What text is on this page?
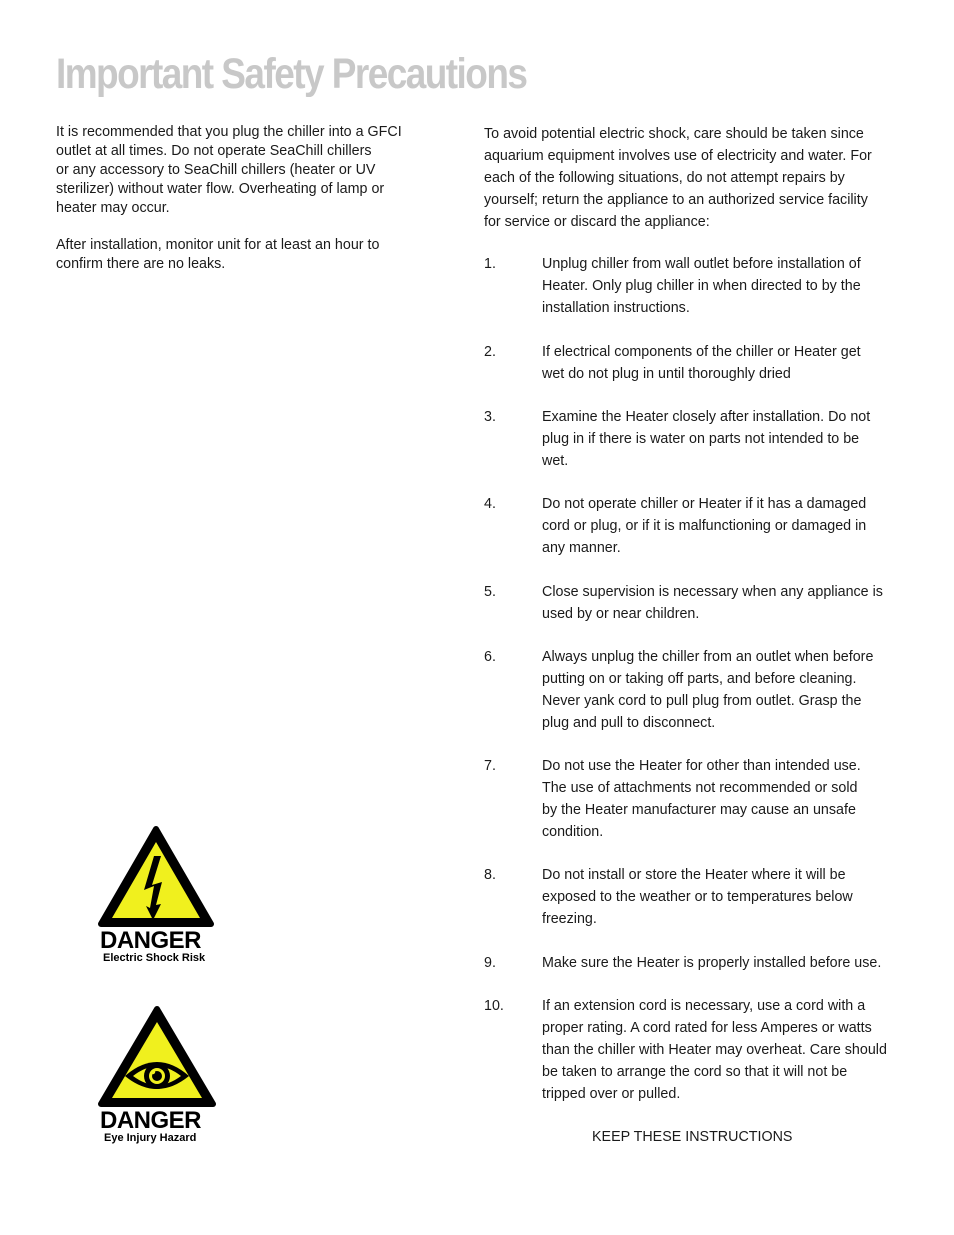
Important Safety Precautions

It is recommended that you plug the chiller into a GFCI
outlet at all times. Do not operate SeaChill chillers
or any accessory to SeaChill chillers (heater or UV
sterilizer) without water flow. Overheating of lamp or
heater may occur.

After installation, monitor unit for at least an hour to
confirm there are no leaks.

To avoid potential electric shock, care should be taken since
aquarium equipment involves use of electricity and water. For
each of the following situations, do not attempt repairs by
yourself; return the appliance to an authorized service facility
for service or discard the appliance:
1.	Unplug chiller from wall outlet before installation of
Heater. Only plug chiller in when directed to by the
installation instructions.
2.	If electrical components of the chiller or Heater get
wet do not plug in until thoroughly dried
3.	Examine the Heater closely after installation. Do not
plug in if there is water on parts not intended to be
wet.
4.	Do not operate chiller or Heater if it has a damaged
cord or plug, or if it is malfunctioning or damaged in
any manner.
5.	Close supervision is necessary when any appliance is
used by or near children.
6.	Always unplug the chiller from an outlet when before
putting on or taking off parts, and before cleaning.
Never yank cord to pull plug from outlet. Grasp the
plug and pull to disconnect.
7.	Do not use the Heater for other than intended use.
The use of attachments not recommended or sold
by the Heater manufacturer may cause an unsafe
condition.
8.	Do not install or store the Heater where it will be
exposed to the weather or to temperatures below
freezing.
9.	Make sure the Heater is properly installed before use.
10.	If an extension cord is necessary, use a cord with a
proper rating. A cord rated for less Amperes or watts
than the chiller with Heater may overheat. Care should
be taken to arrange the cord so that it will not be
tripped over or pulled.
KEEP THESE INSTRUCTIONS
DANGER
Electric Shock Risk
DANGER
Eye Injury Hazard
